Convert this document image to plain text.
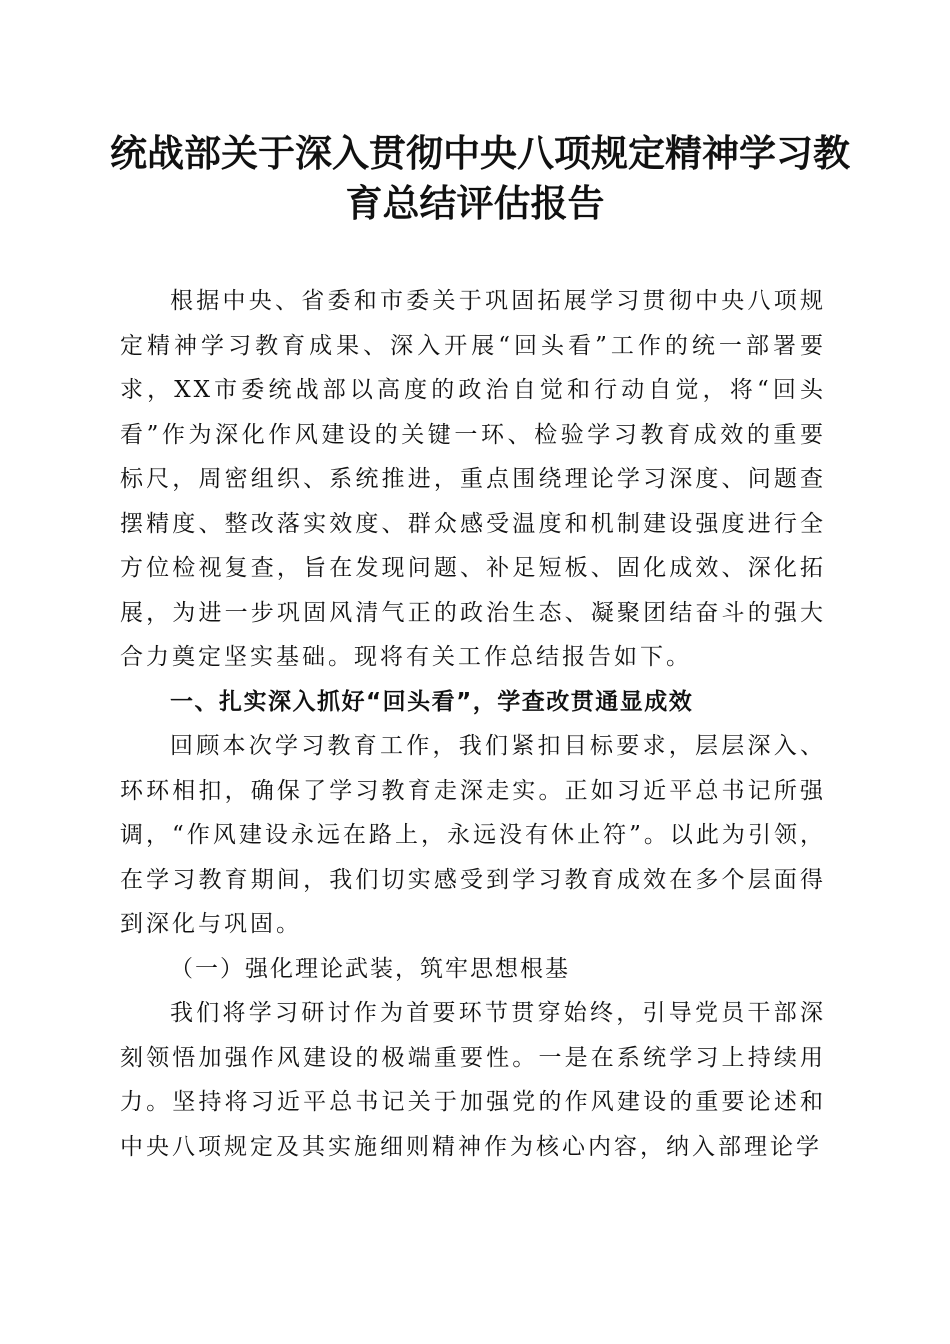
统战部关于深入贯彻中央八项规定精神学习教
育总结评估报告

根据中央、省委和市委关于巩固拓展学习贯彻中央八项规定精神学习教育成果、深入开展“回头看”工作的统一部署要求，XX市委统战部以高度的政治自觉和行动自觉，将“回头看”作为深化作风建设的关键一环、检验学习教育成效的重要标尺，周密组织、系统推进，重点围绕理论学习深度、问题查摆精度、整改落实效度、群众感受温度和机制建设强度进行全方位检视复查，旨在发现问题、补足短板、固化成效、深化拓展，为进一步巩固风清气正的政治生态、凝聚团结奋斗的强大合力奠定坚实基础。现将有关工作总结报告如下。

一、扎实深入抓好“回头看”，学查改贯通显成效

回顾本次学习教育工作，我们紧扣目标要求，层层深入、环环相扣，确保了学习教育走深走实。正如习近平总书记所强调，“作风建设永远在路上，永远没有休止符”。以此为引领，在学习教育期间，我们切实感受到学习教育成效在多个层面得到深化与巩固。

（一）强化理论武装，筑牢思想根基

我们将学习研讨作为首要环节贯穿始终，引导党员干部深刻领悟加强作风建设的极端重要性。一是在系统学习上持续用力。坚持将习近平总书记关于加强党的作风建设的重要论述和中央八项规定及其实施细则精神作为核心内容，纳入部理论学
